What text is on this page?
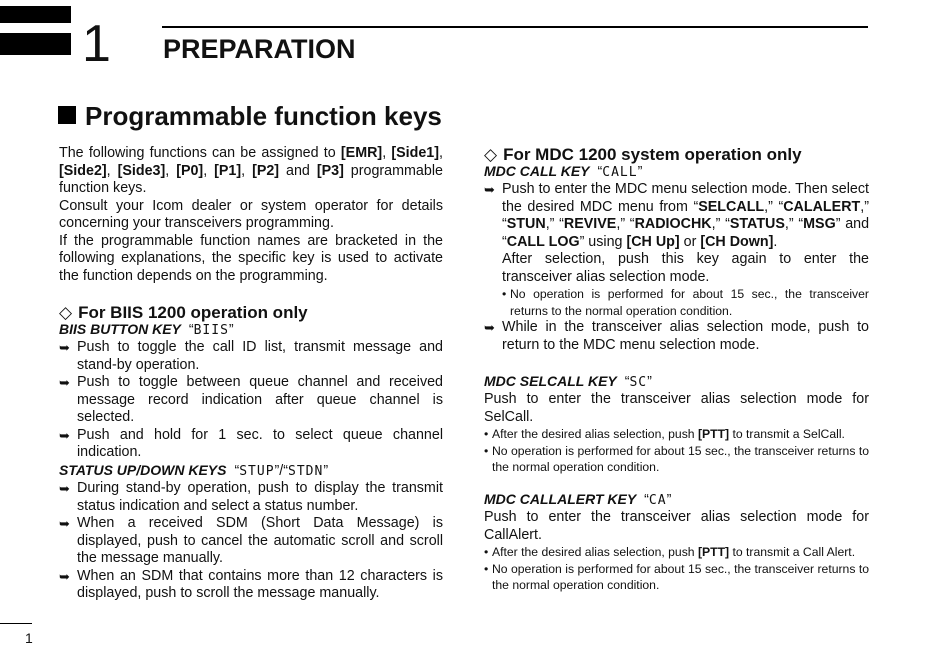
1 PREPARATION
Programmable function keys

The following functions can be assigned to [EMR], [Side1], [Side2], [Side3], [P0], [P1], [P2] and [P3] programmable function keys.

Consult your Icom dealer or system operator for details concerning your transceivers programming.

If the programmable function names are bracketed in the following explanations, the specific key is used to activate the function depends on the programming.

◇ For BIIS 1200 operation only
BIIS BUTTON KEY  “BIIS”
➥ Push to toggle the call ID list, transmit message and stand-by operation.
➥ Push to toggle between queue channel and received message record indication after queue channel is selected.
➥ Push and hold for 1 sec. to select queue channel indication.
STATUS UP/DOWN KEYS  “STUP”/“STDN”
➥ During stand-by operation, push to display the transmit status indication and select a status number.
➥ When a received SDM (Short Data Message) is displayed, push to cancel the automatic scroll and scroll the message manually.
➥ When an SDM that contains more than 12 characters is displayed, push to scroll the message manually.
◇ For MDC 1200 system operation only
MDC CALL KEY  “CALL”
➥ Push to enter the MDC menu selection mode. Then select the desired MDC menu from “SELCALL,” “CALALERT,” “STUN,” “REVIVE,” “RADIOCHK,” “STATUS,” “MSG” and “CALL LOG” using [CH Up] or [CH Down].
After selection, push this key again to enter the transceiver alias selection mode.
• No operation is performed for about 15 sec., the transceiver returns to the normal operation condition.
➥ While in the transceiver alias selection mode, push to return to the MDC menu selection mode.
MDC SELCALL KEY  “SC”

Push to enter the transceiver alias selection mode for SelCall.

• After the desired alias selection, push [PTT] to transmit a SelCall.
• No operation is performed for about 15 sec., the transceiver returns to the normal operation condition.
MDC CALLALERT KEY  “CA”

Push to enter the transceiver alias selection mode for CallAlert.

• After the desired alias selection, push [PTT] to transmit a Call Alert.
• No operation is performed for about 15 sec., the transceiver returns to the normal operation condition.
1
